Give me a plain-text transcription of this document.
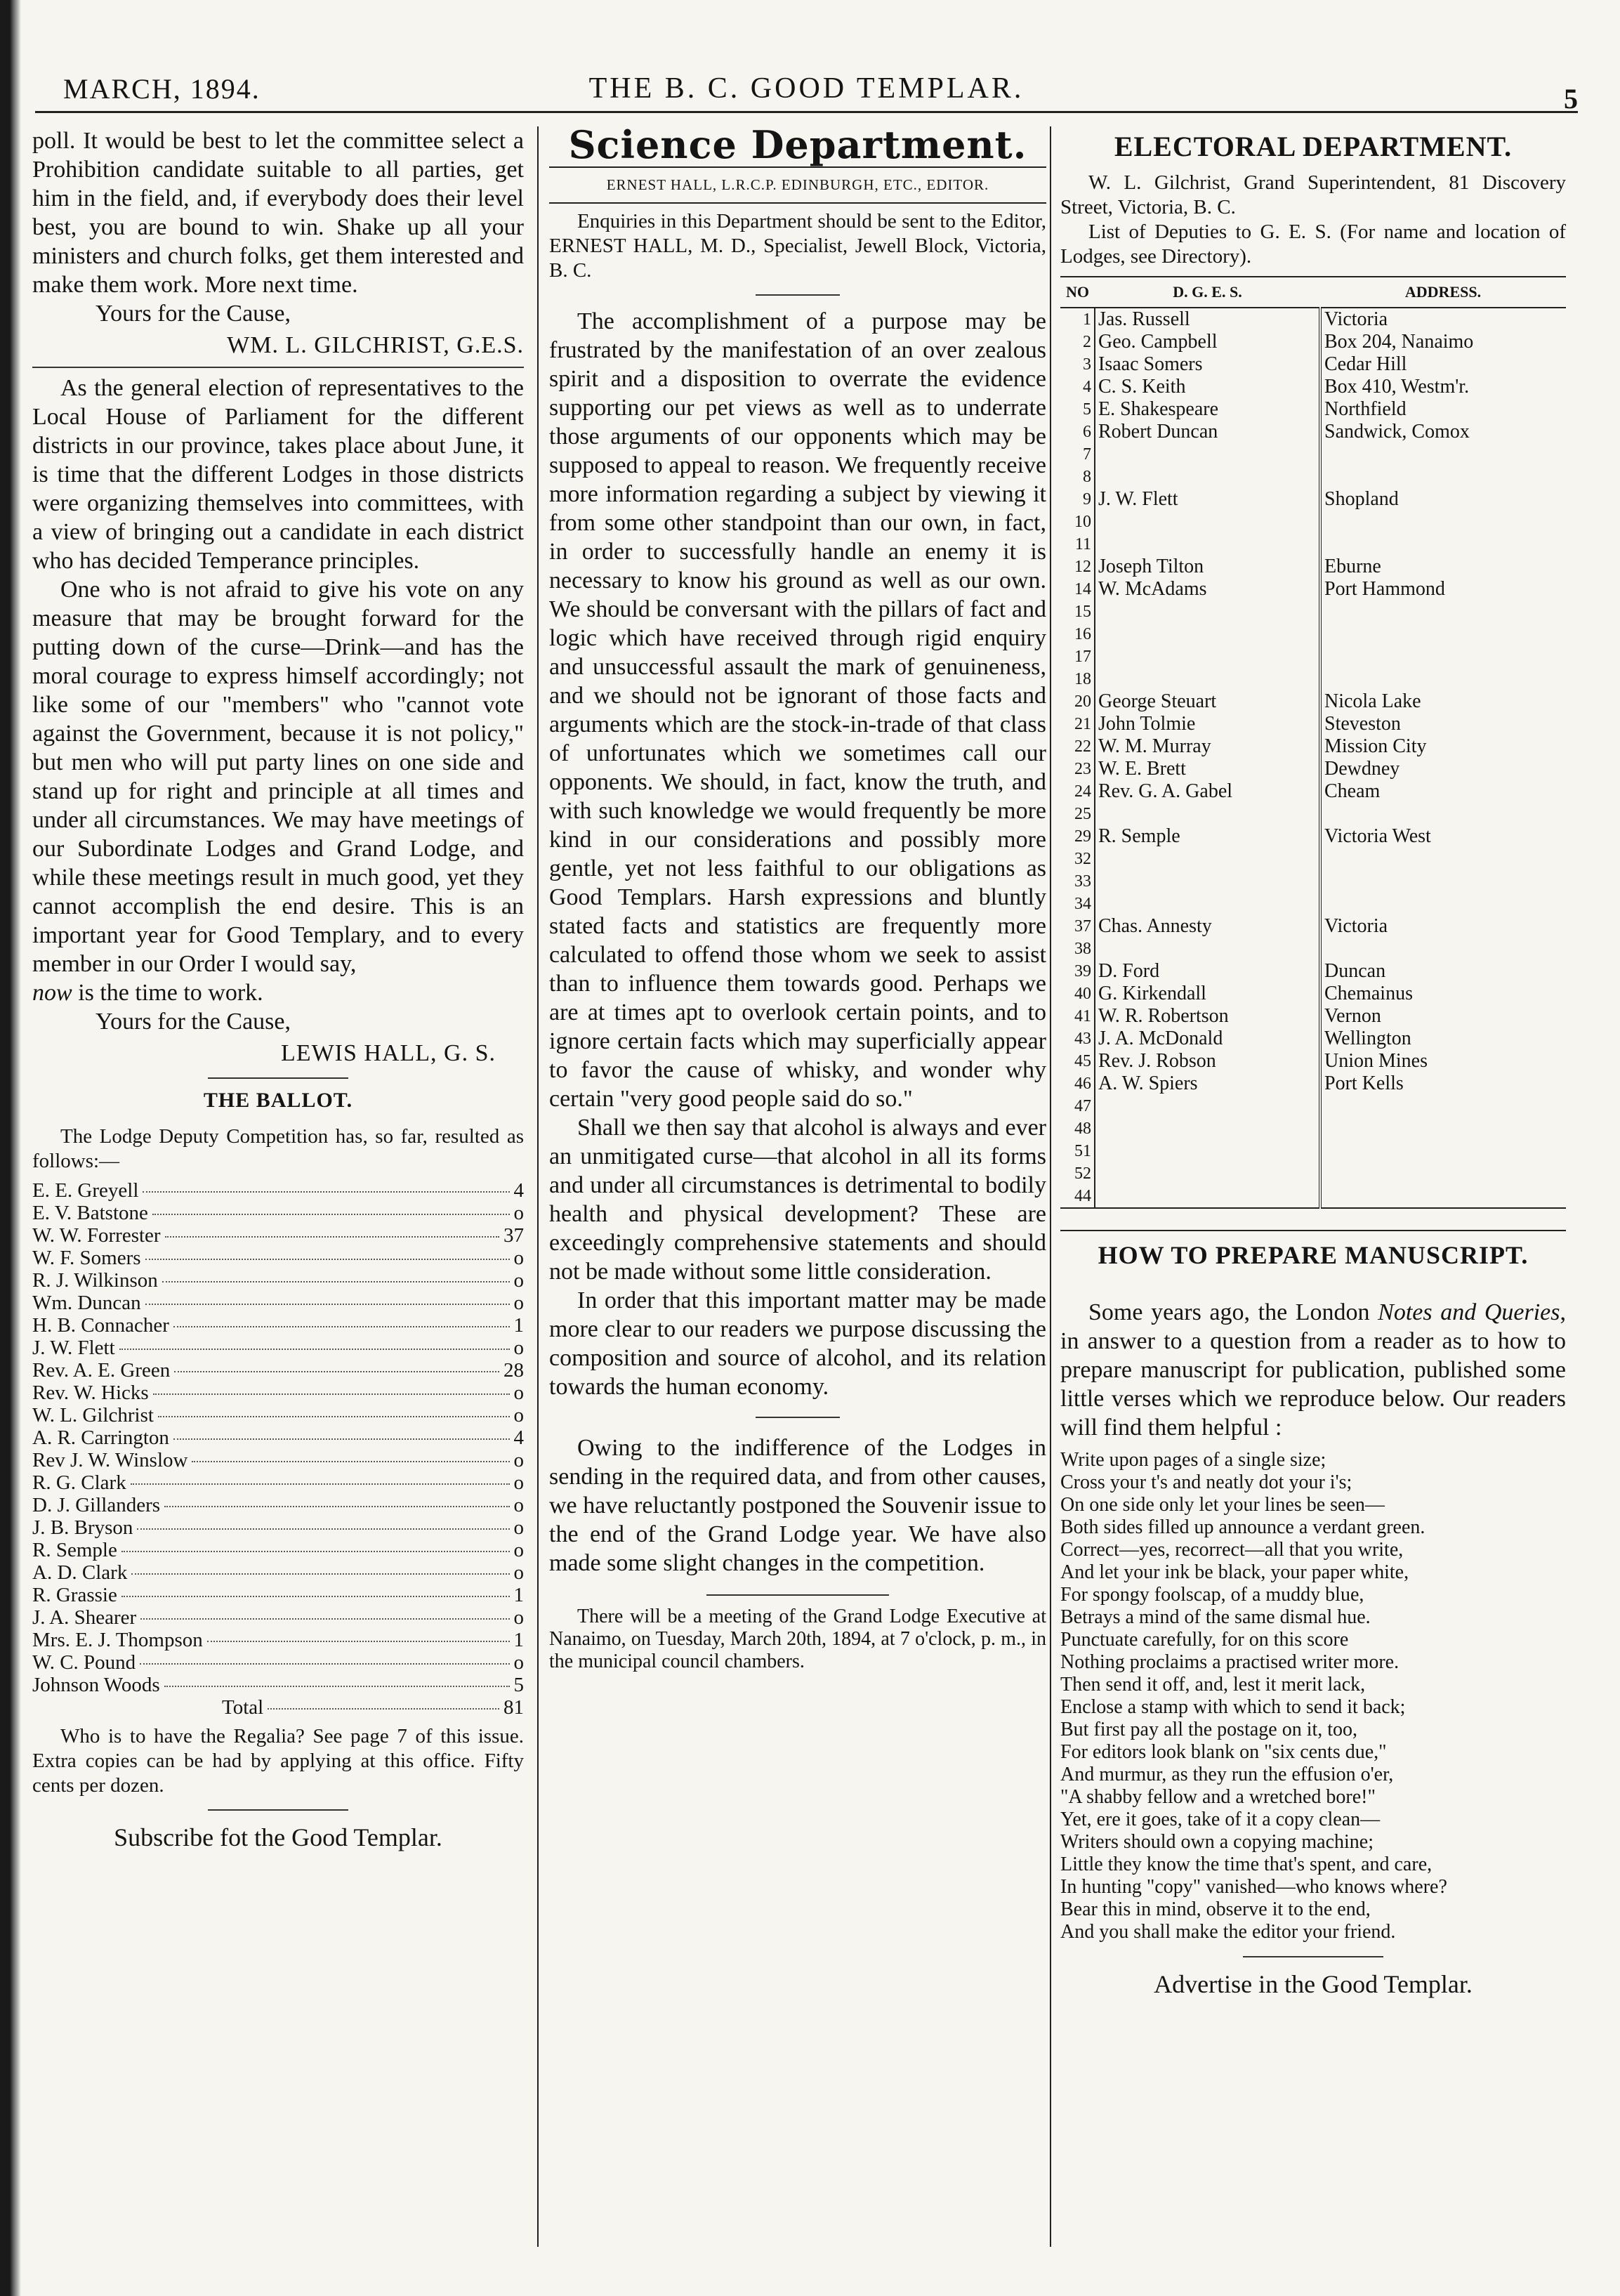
MARCH, 1894.	THE B. C. GOOD TEMPLAR.	5

poll. It would be best to let the committee select a Prohibition candidate suitable to all parties, get him in the field, and, if everybody does their level best, you are bound to win. Shake up all your ministers and church folks, get them interested and make them work. More next time.

Yours for the Cause,

WM. L. GILCHRIST, G.E.S.

As the general election of representatives to the Local House of Parliament for the different districts in our province, takes place about June, it is time that the different Lodges in those districts were organizing themselves into committees, with a view of bringing out a candidate in each district who has decided Temperance principles.

One who is not afraid to give his vote on any measure that may be brought forward for the putting down of the curse—Drink—and has the moral courage to express himself accordingly; not like some of our "members" who "cannot vote against the Government, because it is not policy," but men who will put party lines on one side and stand up for right and principle at all times and under all circumstances. We may have meetings of our Subordinate Lodges and Grand Lodge, and while these meetings result in much good, yet they cannot accomplish the end desire. This is an important year for Good Templary, and to every member in our Order I would say,

now is the time to work.

Yours for the Cause,

LEWIS HALL, G. S.

THE BALLOT.

The Lodge Deputy Competition has, so far, resulted as follows:—

E. E. Greyell	4
E. V. Batstone	o
W. W. Forrester	37
W. F. Somers	o
R. J. Wilkinson	o
Wm. Duncan	o
H. B. Connacher	1
J. W. Flett	o
Rev. A. E. Green	28
Rev. W. Hicks	o
W. L. Gilchrist	o
A. R. Carrington	4
Rev J. W. Winslow	o
R. G. Clark	o
D. J. Gillanders	o
J. B. Bryson	o
R. Semple	o
A. D. Clark	o
R. Grassie	1
J. A. Shearer	o
Mrs. E. J. Thompson	1
W. C. Pound	o
Johnson Woods	5
Total	81

Who is to have the Regalia? See page 7 of this issue. Extra copies can be had by applying at this office. Fifty cents per dozen.

Subscribe fot the Good Templar.
Science Department.
ERNEST HALL, L.R.C.P. EDINBURGH, ETC., EDITOR.

Enquiries in this Department should be sent to the Editor, ERNEST HALL, M. D., Specialist, Jewell Block, Victoria, B. C.

The accomplishment of a purpose may be frustrated by the manifestation of an over zealous spirit and a disposition to overrate the evidence supporting our pet views as well as to underrate those arguments of our opponents which may be supposed to appeal to reason. We frequently receive more information regarding a subject by viewing it from some other standpoint than our own, in fact, in order to successfully handle an enemy it is necessary to know his ground as well as our own. We should be conversant with the pillars of fact and logic which have received through rigid enquiry and unsuccessful assault the mark of genuineness, and we should not be ignorant of those facts and arguments which are the stock-in-trade of that class of unfortunates which we sometimes call our opponents. We should, in fact, know the truth, and with such knowledge we would frequently be more kind in our considerations and possibly more gentle, yet not less faithful to our obligations as Good Templars. Harsh expressions and bluntly stated facts and statistics are frequently more calculated to offend those whom we seek to assist than to influence them towards good. Perhaps we are at times apt to overlook certain points, and to ignore certain facts which may superficially appear to favor the cause of whisky, and wonder why certain "very good people said do so."

Shall we then say that alcohol is always and ever an unmitigated curse—that alcohol in all its forms and under all circumstances is detrimental to bodily health and physical development? These are exceedingly comprehensive statements and should not be made without some little consideration.

In order that this important matter may be made more clear to our readers we purpose discussing the composition and source of alcohol, and its relation towards the human economy.

Owing to the indifference of the Lodges in sending in the required data, and from other causes, we have reluctantly postponed the Souvenir issue to the end of the Grand Lodge year. We have also made some slight changes in the competition.

There will be a meeting of the Grand Lodge Executive at Nanaimo, on Tuesday, March 20th, 1894, at 7 o'clock, p. m., in the municipal council chambers.

ELECTORAL DEPARTMENT.

W. L. Gilchrist, Grand Superintendent, 81 Discovery Street, Victoria, B. C.

List of Deputies to G. E. S. (For name and location of Lodges, see Directory).

NO	D. G. E. S.	ADDRESS.
1	Jas. Russell	Victoria
2	Geo. Campbell	Box 204, Nanaimo
3	Isaac Somers	Cedar Hill
4	C. S. Keith	Box 410, Westm'r.
5	E. Shakespeare	Northfield
6	Robert Duncan	Sandwick, Comox
7		
8		
9	J. W. Flett	Shopland
10		
11		
12	Joseph Tilton	Eburne
14	W. McAdams	Port Hammond
15		
16		
17		
18		
20	George Steuart	Nicola Lake
21	John Tolmie	Steveston
22	W. M. Murray	Mission City
23	W. E. Brett	Dewdney
24	Rev. G. A. Gabel	Cheam
25		
29	R. Semple	Victoria West
32		
33		
34		
37	Chas. Annesty	Victoria
38		
39	D. Ford	Duncan
40	G. Kirkendall	Chemainus
41	W. R. Robertson	Vernon
43	J. A. McDonald	Wellington
45	Rev. J. Robson	Union Mines
46	A. W. Spiers	Port Kells
47		
48		
51		
52		
44		
HOW TO PREPARE MANUSCRIPT.

Some years ago, the London Notes and Queries, in answer to a question from a reader as to how to prepare manuscript for publication, published some little verses which we reproduce below. Our readers will find them helpful :

Write upon pages of a single size;
Cross your t's and neatly dot your i's;
On one side only let your lines be seen—
Both sides filled up announce a verdant green.
Correct—yes, recorrect—all that you write,
And let your ink be black, your paper white,
For spongy foolscap, of a muddy blue,
Betrays a mind of the same dismal hue.
Punctuate carefully, for on this score
Nothing proclaims a practised writer more.
Then send it off, and, lest it merit lack,
Enclose a stamp with which to send it back;
But first pay all the postage on it, too,
For editors look blank on "six cents due,"
And murmur, as they run the effusion o'er,
"A shabby fellow and a wretched bore!"
Yet, ere it goes, take of it a copy clean—
Writers should own a copying machine;
Little they know the time that's spent, and care,
In hunting "copy" vanished—who knows where?
Bear this in mind, observe it to the end,
And you shall make the editor your friend.
Advertise in the Good Templar.
